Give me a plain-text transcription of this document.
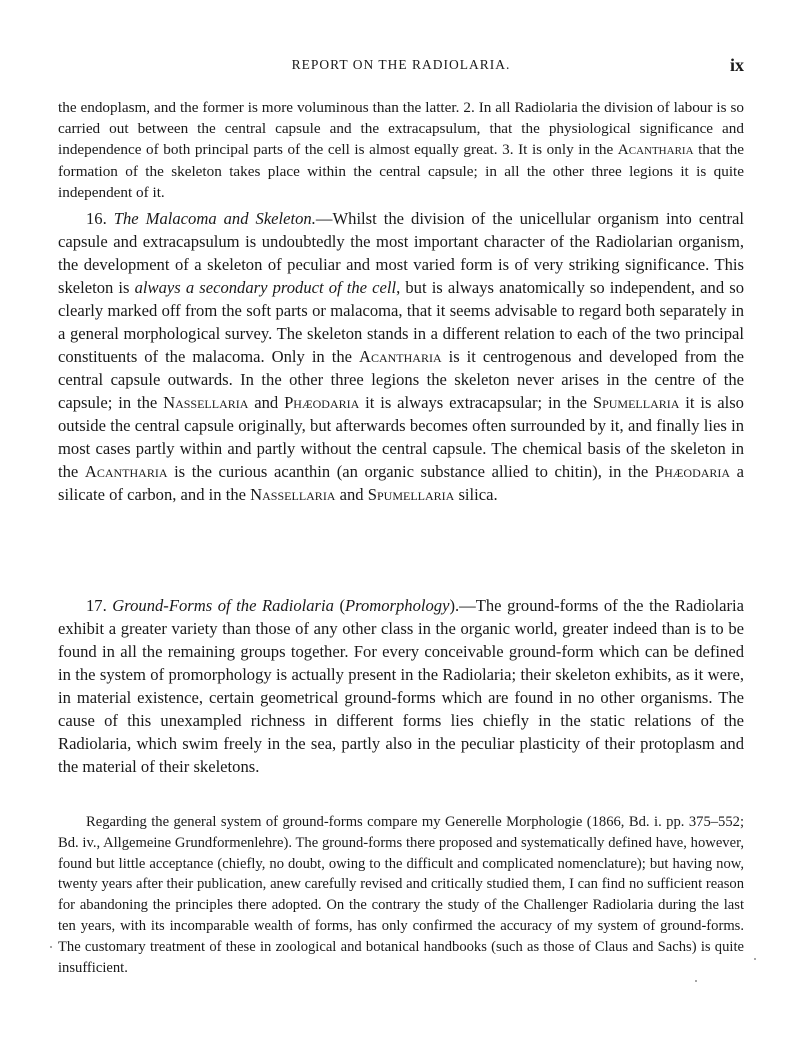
REPORT ON THE RADIOLARIA.	ix

the endoplasm, and the former is more voluminous than the latter. 2. In all Radiolaria the division of labour is so carried out between the central capsule and the extracapsulum, that the physiological significance and independence of both principal parts of the cell is almost equally great. 3. It is only in the Acantharia that the formation of the skeleton takes place within the central capsule; in all the other three legions it is quite independent of it.

16. The Malacoma and Skeleton.—Whilst the division of the unicellular organism into central capsule and extracapsulum is undoubtedly the most important character of the Radiolarian organism, the development of a skeleton of peculiar and most varied form is of very striking significance. This skeleton is always a secondary product of the cell, but is always anatomically so independent, and so clearly marked off from the soft parts or malacoma, that it seems advisable to regard both separately in a general morphological survey. The skeleton stands in a different relation to each of the two principal constituents of the malacoma. Only in the Acantharia is it centrogenous and developed from the central capsule outwards. In the other three legions the skeleton never arises in the centre of the capsule; in the Nassellaria and Phæodaria it is always extracapsular; in the Spumellaria it is also outside the central capsule originally, but afterwards becomes often surrounded by it, and finally lies in most cases partly within and partly without the central capsule. The chemical basis of the skeleton in the Acantharia is the curious acanthin (an organic substance allied to chitin), in the Phæodaria a silicate of carbon, and in the Nassellaria and Spumellaria silica.

17. Ground-Forms of the Radiolaria (Promorphology).—The ground-forms of the the Radiolaria exhibit a greater variety than those of any other class in the organic world, greater indeed than is to be found in all the remaining groups together. For every conceivable ground-form which can be defined in the system of promorphology is actually present in the Radiolaria; their skeleton exhibits, as it were, in material existence, certain geometrical ground-forms which are found in no other organisms. The cause of this unexampled richness in different forms lies chiefly in the static relations of the Radiolaria, which swim freely in the sea, partly also in the peculiar plasticity of their protoplasm and the material of their skeletons.

Regarding the general system of ground-forms compare my Generelle Morphologie (1866, Bd. i. pp. 375–552; Bd. iv., Allgemeine Grundformenlehre). The ground-forms there proposed and systematically defined have, however, found but little acceptance (chiefly, no doubt, owing to the difficult and complicated nomenclature); but having now, twenty years after their publication, anew carefully revised and critically studied them, I can find no sufficient reason for abandoning the principles there adopted. On the contrary the study of the Challenger Radiolaria during the last ten years, with its incomparable wealth of forms, has only confirmed the accuracy of my system of ground-forms. The customary treatment of these in zoological and botanical handbooks (such as those of Claus and Sachs) is quite insufficient.
